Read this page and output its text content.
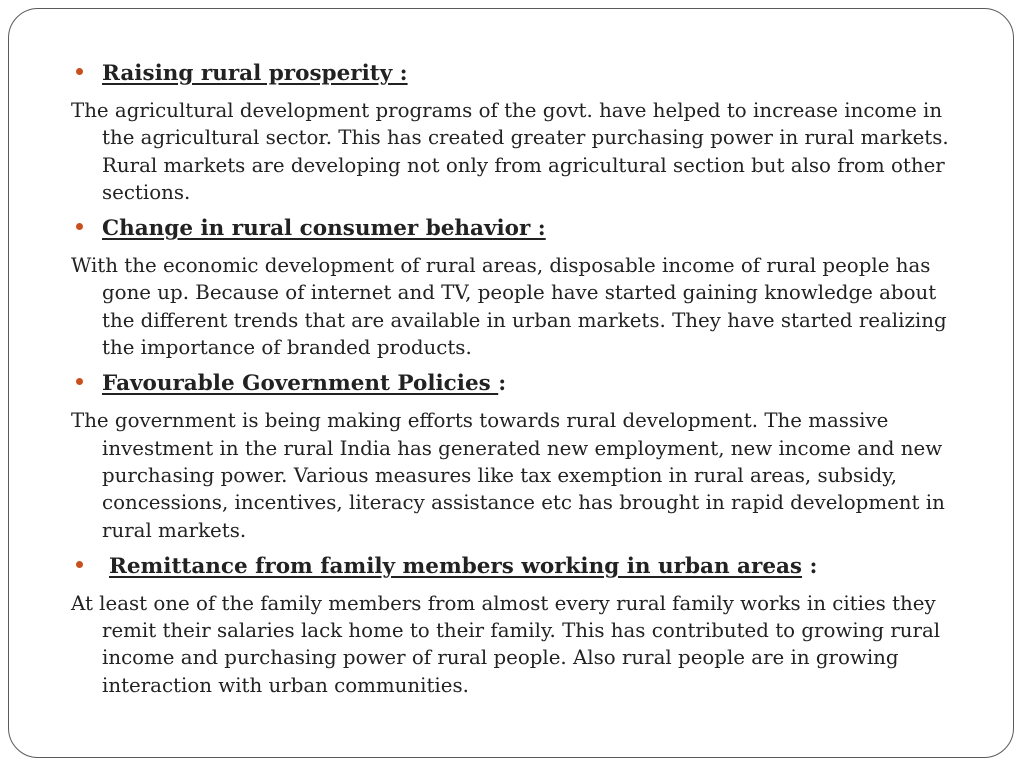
Raising rural prosperity :

The agricultural development programs of the govt. have helped to increase income in the agricultural sector. This has created greater purchasing power in rural markets. Rural markets are developing not only from agricultural section but also from other sections.

Change in rural consumer behavior :

With the economic development of rural areas, disposable income of rural people has gone up. Because of internet and TV, people have started gaining knowledge about the different trends that are available in urban markets. They have started realizing the importance of branded products.

Favourable Government Policies :

The government is being making efforts towards rural development. The massive investment in the rural India has generated new employment, new income and new purchasing power. Various measures like tax exemption in rural areas, subsidy, concessions, incentives, literacy assistance etc has brought in rapid development in rural markets.

Remittance from family members working in urban areas :

At least one of the family members from almost every rural family works in cities they remit their salaries lack home to their family. This has contributed to growing rural income and purchasing power of rural people. Also rural people are in growing interaction with urban communities.
